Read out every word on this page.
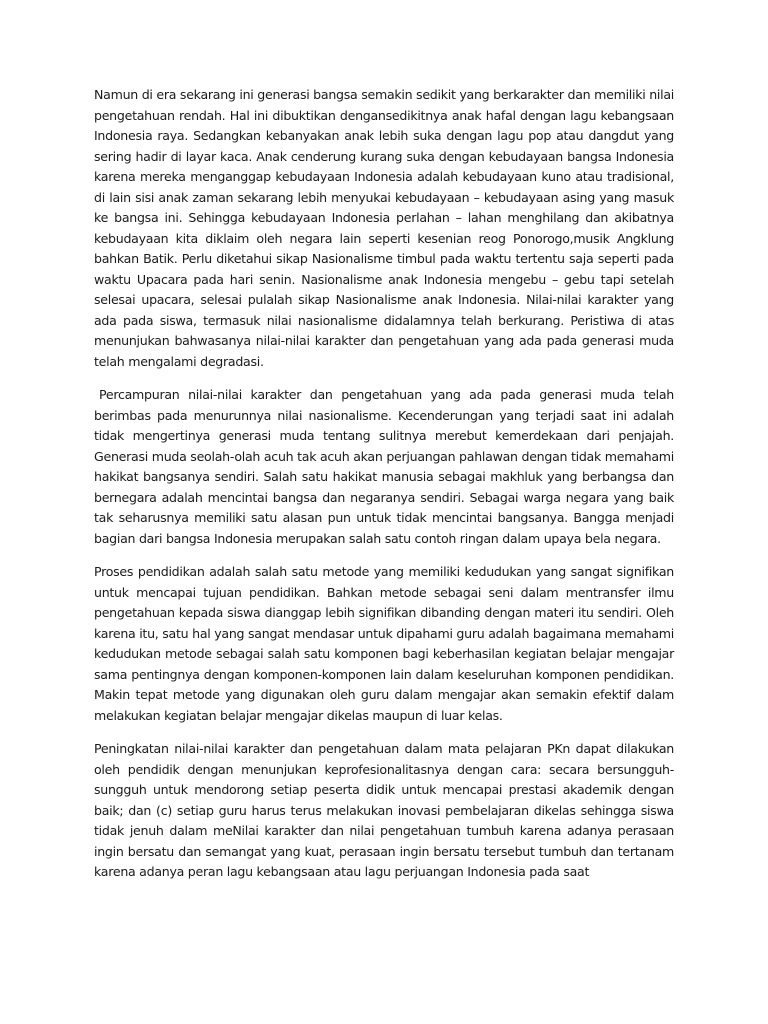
Namun di era sekarang ini generasi bangsa semakin sedikit yang berkarakter dan memiliki nilai pengetahuan rendah. Hal ini dibuktikan dengansedikitnya anak hafal dengan lagu kebangsaan Indonesia raya. Sedangkan kebanyakan anak lebih suka dengan lagu pop atau dangdut yang sering hadir di layar kaca. Anak cenderung kurang suka dengan kebudayaan bangsa Indonesia karena mereka menganggap kebudayaan Indonesia adalah kebudayaan kuno atau tradisional, di lain sisi anak zaman sekarang lebih menyukai kebudayaan – kebudayaan asing yang masuk ke bangsa ini. Sehingga kebudayaan Indonesia perlahan – lahan menghilang dan akibatnya kebudayaan kita diklaim oleh negara lain seperti kesenian reog Ponorogo,musik Angklung bahkan Batik. Perlu diketahui sikap Nasionalisme timbul pada waktu tertentu saja seperti pada waktu Upacara pada hari senin. Nasionalisme anak Indonesia mengebu – gebu tapi setelah selesai upacara, selesai pulalah sikap Nasionalisme anak Indonesia. Nilai-nilai karakter yang ada pada siswa, termasuk nilai nasionalisme didalamnya telah berkurang. Peristiwa di atas menunjukan bahwasanya nilai-nilai karakter dan pengetahuan yang ada pada generasi muda telah mengalami degradasi.

Percampuran nilai-nilai karakter dan pengetahuan yang ada pada generasi muda telah berimbas pada menurunnya nilai nasionalisme. Kecenderungan yang terjadi saat ini adalah tidak mengertinya generasi muda tentang sulitnya merebut kemerdekaan dari penjajah. Generasi muda seolah-olah acuh tak acuh akan perjuangan pahlawan dengan tidak memahami hakikat bangsanya sendiri. Salah satu hakikat manusia sebagai makhluk yang berbangsa dan bernegara adalah mencintai bangsa dan negaranya sendiri. Sebagai warga negara yang baik tak seharusnya memiliki satu alasan pun untuk tidak mencintai bangsanya. Bangga menjadi bagian dari bangsa Indonesia merupakan salah satu contoh ringan dalam upaya bela negara.

Proses pendidikan adalah salah satu metode yang memiliki kedudukan yang sangat signifikan untuk mencapai tujuan pendidikan. Bahkan metode sebagai seni dalam mentransfer ilmu pengetahuan kepada siswa dianggap lebih signifikan dibanding dengan materi itu sendiri. Oleh karena itu, satu hal yang sangat mendasar untuk dipahami guru adalah bagaimana memahami kedudukan metode sebagai salah satu komponen bagi keberhasilan kegiatan belajar mengajar sama pentingnya dengan komponen-komponen lain dalam keseluruhan komponen pendidikan. Makin tepat metode yang digunakan oleh guru dalam mengajar akan semakin efektif dalam melakukan kegiatan belajar mengajar dikelas maupun di luar kelas.

Peningkatan nilai-nilai karakter dan pengetahuan dalam mata pelajaran PKn dapat dilakukan oleh pendidik dengan menunjukan keprofesionalitasnya dengan cara: secara bersungguh-sungguh untuk mendorong setiap peserta didik untuk mencapai prestasi akademik dengan baik; dan (c) setiap guru harus terus melakukan inovasi pembelajaran dikelas sehingga siswa tidak jenuh dalam meNilai karakter dan nilai pengetahuan tumbuh karena adanya perasaan ingin bersatu dan semangat yang kuat, perasaan ingin bersatu tersebut tumbuh dan tertanam karena adanya peran lagu kebangsaan atau lagu perjuangan Indonesia pada saat
